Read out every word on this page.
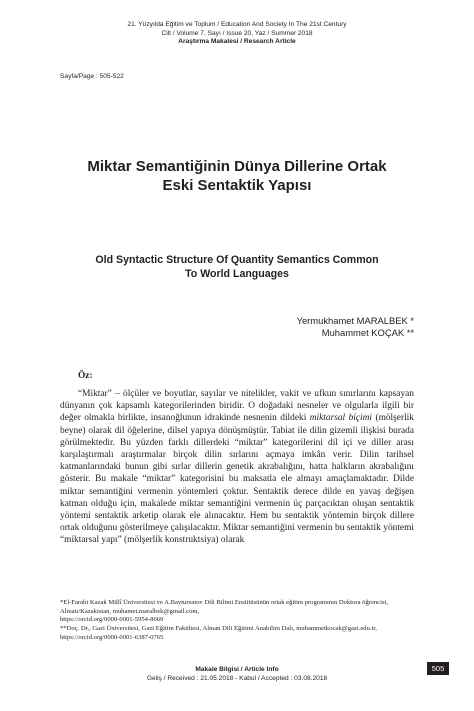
21. Yüzyılda Eğitim ve Toplum / Education And Society In The 21st Century
Cilt / Volume 7, Sayı / Issue 20, Yaz / Summer 2018
Araştırma Makalesi / Research Article
Sayfa/Page : 505-522
Miktar Semantiğinin Dünya Dillerine Ortak
Eski Sentaktik Yapısı
Old Syntactic Structure Of Quantity Semantics Common
To World Languages
Yermukhamet MARALBEK *
Muhammet KOÇAK **
Öz:

“Miktar” – ölçüler ve boyutlar, sayılar ve nitelikler, vakit ve ufkun sınırlarını kapsayan dünyanın çok kapsamlı kategorilerinden biridir. O doğadaki nesneler ve olgularla ilgili bir değer olmakla birlikte, insanoğlunun idrakinde nesnenin dildeki miktarsal biçimi (mölşerlik beyne) olarak dil öğelerine, dilsel yapıya dönüşmüştür. Tabiat ile dilin gizemli ilişkisi burada görülmektedir. Bu yüzden farklı dillerdeki “miktar” kategorilerini dil içi ve diller arası karşılaştırmalı araştırmalar birçok dilin sırlarını açmaya imkân verir. Dilin tarihsel katmanlarındaki bunun gibi sırlar dillerin genetik akrabalığını, hatta halkların akrabalığını gösterir. Bu makale “miktar” kategorisini bu maksatla ele almayı amaçlamaktadır. Dilde miktar semantiğini vermenin yöntemleri çoktur. Sentaktik derece dilde en yavaş değişen katman olduğu için, makalede miktar semantiğini vermenin üç parçacıktan oluşan sentaktik yöntemi sentaktik arketip olarak ele alınacaktır. Hem bu sentaktik yöntemin birçok dillere ortak olduğunu gösterilmeye çalışılacaktır. Miktar semantiğini vermenin bu sentaktik yöntemi “miktarsal yapı” (mölşerlik konstruktsiya) olarak

*El-Farabi Kazak Millî Üniversitesi ve A.Baytursınov Dili Bilimi Enstitüsünün ortak eğitim programının Doktora öğrencisi, Almatı/Kazakistan, muhamet.maralbek@gmail.com,
https://orcid.org/0000-0001-5954-8669

**Doç. Dr., Gazi Üniversitesi, Gazi Eğitim Fakültesi, Alman Dili Eğitimi Anabilim Dalı, muhammetkocak@gazi.edu.tr, https://orcid.org/0000-0001-6387-0765

Makale Bilgisi / Article Info
Geliş / Received : 21.05.2018 - Kabul / Accepted : 03.08.2018
505
